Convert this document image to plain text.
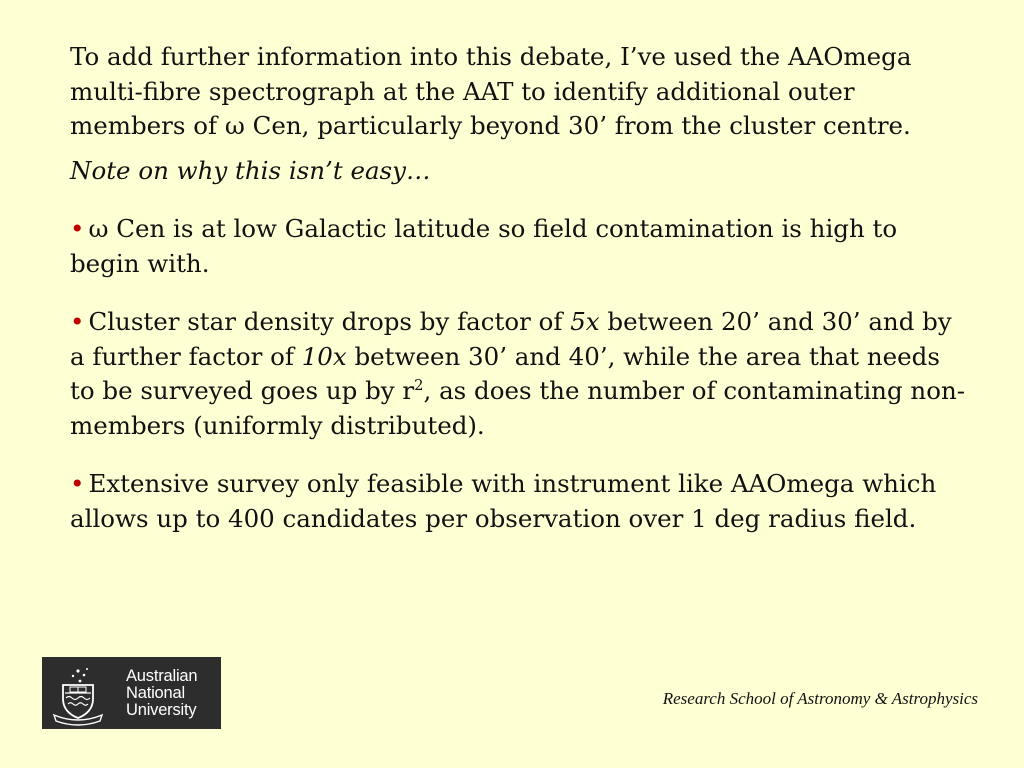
To add further information into this debate, I’ve used the AAOmega multi-fibre spectrograph at the AAT to identify additional outer members of ω Cen, particularly beyond 30’ from the cluster centre.

Note on why this isn’t easy…

• ω Cen is at low Galactic latitude so field contamination is high to begin with.
• Cluster star density drops by factor of 5x between 20’ and 30’ and by a further factor of 10x between 30’ and 40’, while the area that needs to be surveyed goes up by $r^2$, as does the number of contaminating non-members (uniformly distributed).
• Extensive survey only feasible with instrument like AAOmega which allows up to 400 candidates per observation over 1 deg radius field.
Australian
National
University
Research School of Astronomy & Astrophysics
